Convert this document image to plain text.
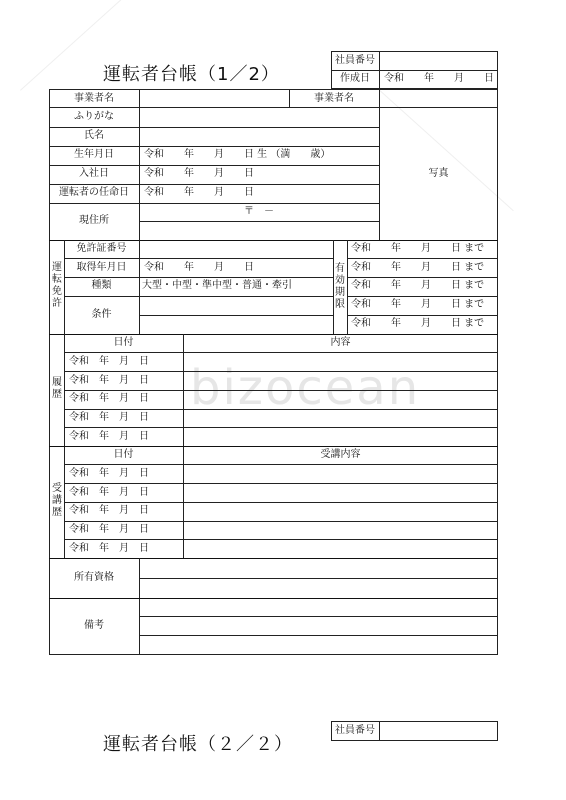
bizocean
運転者台帳（1／2）
社員番号
作成日	令和　　年　　月　　日
事業者名	事業者名
ふりがな
氏名
生年月日	令和　　年　　月　　日 生 （満　　歳）
入社日	令和　　年　　月　　日
運転者の任命日	令和　　年　　月　　日
現住所
〒　－
写真
運転免許
免許証番号
取得年月日	令和　　年　　月　　日
種類	大型・中型・準中型・普通・牽引
条件
有効期限
令和　　年　　月　　日 まで
令和　　年　　月　　日 まで
令和　　年　　月　　日 まで
令和　　年　　月　　日 まで
令和　　年　　月　　日 まで
履歴
日付	内容
令和　年　月　日
令和　年　月　日
令和　年　月　日
令和　年　月　日
令和　年　月　日
受講歴
日付	受講内容
令和　年　月　日
令和　年　月　日
令和　年　月　日
令和　年　月　日
令和　年　月　日
所有資格
備考
運転者台帳（２／２）
社員番号
